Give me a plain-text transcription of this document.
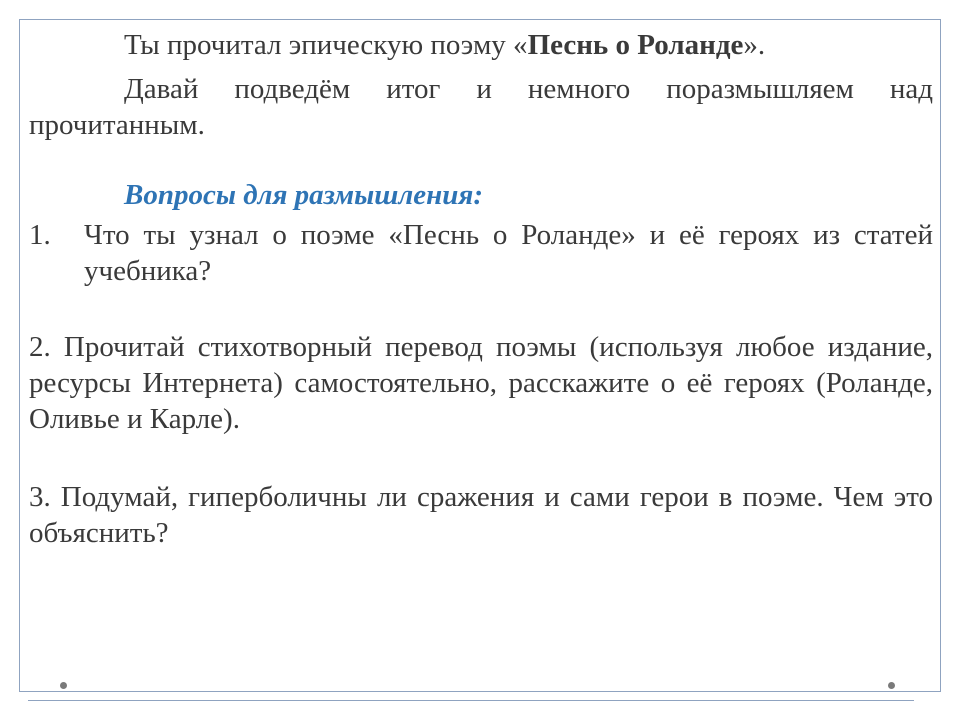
Ты прочитал эпическую поэму «Песнь о Роланде».

Давай подведём итог и немного поразмышляем над прочитанным.

Вопросы для размышления:

1.	Что ты узнал о поэме «Песнь о Роланде» и её героях из статей учебника?

2. Прочитай стихотворный перевод поэмы (используя любое издание, ресурсы Интернета) самостоятельно, расскажите о её героях (Роланде, Оливье и Карле).

3. Подумай, гиперболичны ли сражения и сами герои в поэме. Чем это объяснить?
